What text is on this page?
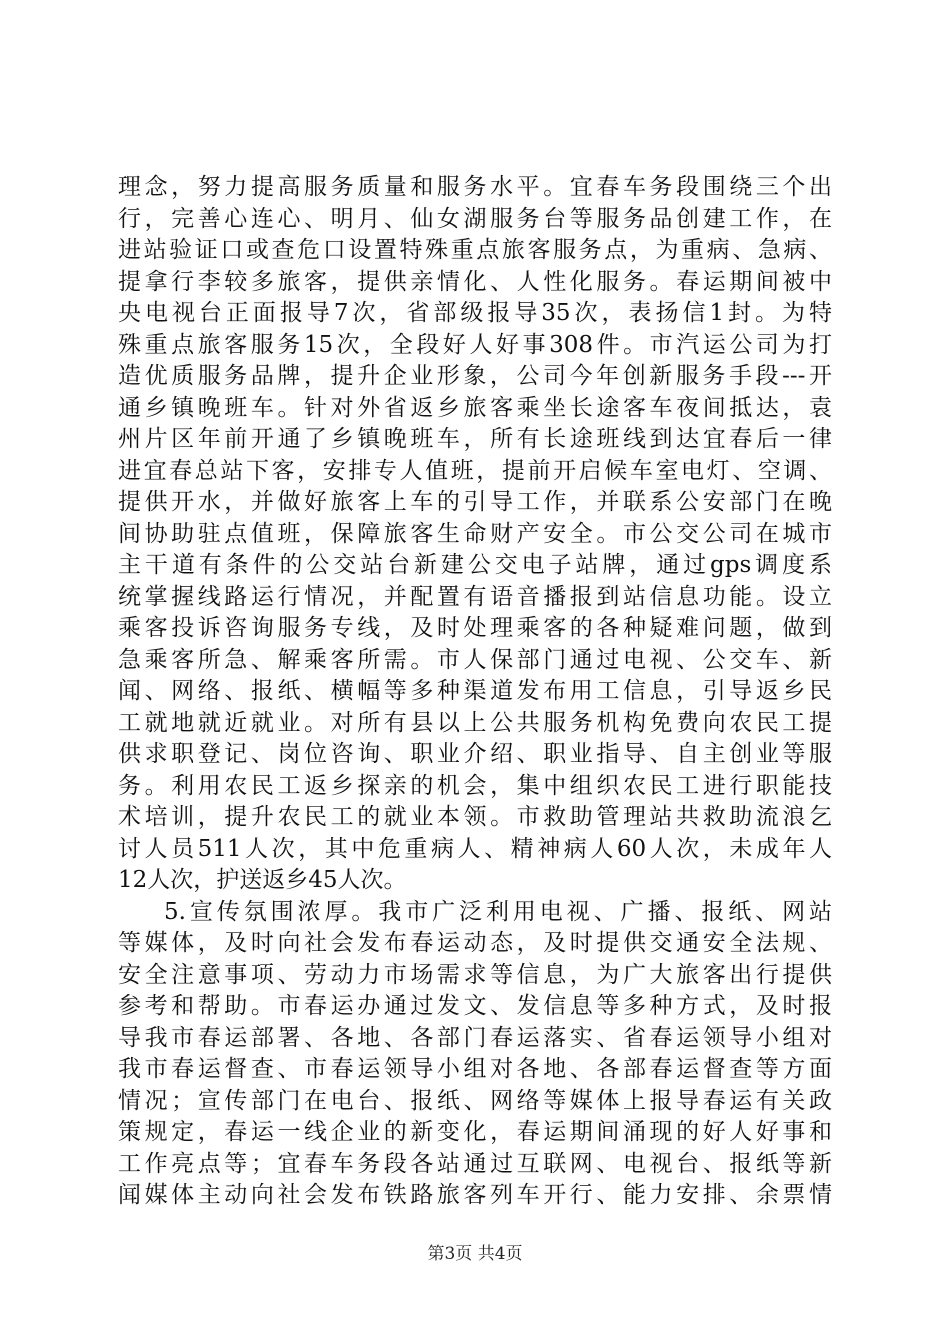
理念，努力提高服务质量和服务水平。宜春车务段围绕三个出
行，完善心连心、明月、仙女湖服务台等服务品创建工作，在
进站验证口或查危口设置特殊重点旅客服务点，为重病、急病、
提拿行李较多旅客，提供亲情化、人性化服务。春运期间被中
央电视台正面报导7次，省部级报导35次，表扬信1封。为特
殊重点旅客服务15次，全段好人好事308件。市汽运公司为打
造优质服务品牌，提升企业形象，公司今年创新服务手段---开
通乡镇晚班车。针对外省返乡旅客乘坐长途客车夜间抵达，袁
州片区年前开通了乡镇晚班车，所有长途班线到达宜春后一律
进宜春总站下客，安排专人值班，提前开启候车室电灯、空调、
提供开水，并做好旅客上车的引导工作，并联系公安部门在晚
间协助驻点值班，保障旅客生命财产安全。市公交公司在城市
主干道有条件的公交站台新建公交电子站牌，通过gps调度系
统掌握线路运行情况，并配置有语音播报到站信息功能。设立
乘客投诉咨询服务专线，及时处理乘客的各种疑难问题，做到
急乘客所急、解乘客所需。市人保部门通过电视、公交车、新
闻、网络、报纸、横幅等多种渠道发布用工信息，引导返乡民
工就地就近就业。对所有县以上公共服务机构免费向农民工提
供求职登记、岗位咨询、职业介绍、职业指导、自主创业等服
务。利用农民工返乡探亲的机会，集中组织农民工进行职能技
术培训，提升农民工的就业本领。市救助管理站共救助流浪乞
讨人员511人次，其中危重病人、精神病人60人次，未成年人
12人次，护送返乡45人次。
5.宣传氛围浓厚。我市广泛利用电视、广播、报纸、网站
等媒体，及时向社会发布春运动态，及时提供交通安全法规、
安全注意事项、劳动力市场需求等信息，为广大旅客出行提供
参考和帮助。市春运办通过发文、发信息等多种方式，及时报
导我市春运部署、各地、各部门春运落实、省春运领导小组对
我市春运督查、市春运领导小组对各地、各部春运督查等方面
情况；宣传部门在电台、报纸、网络等媒体上报导春运有关政
策规定，春运一线企业的新变化，春运期间涌现的好人好事和
工作亮点等；宜春车务段各站通过互联网、电视台、报纸等新
闻媒体主动向社会发布铁路旅客列车开行、能力安排、余票情
第3页 共4页
